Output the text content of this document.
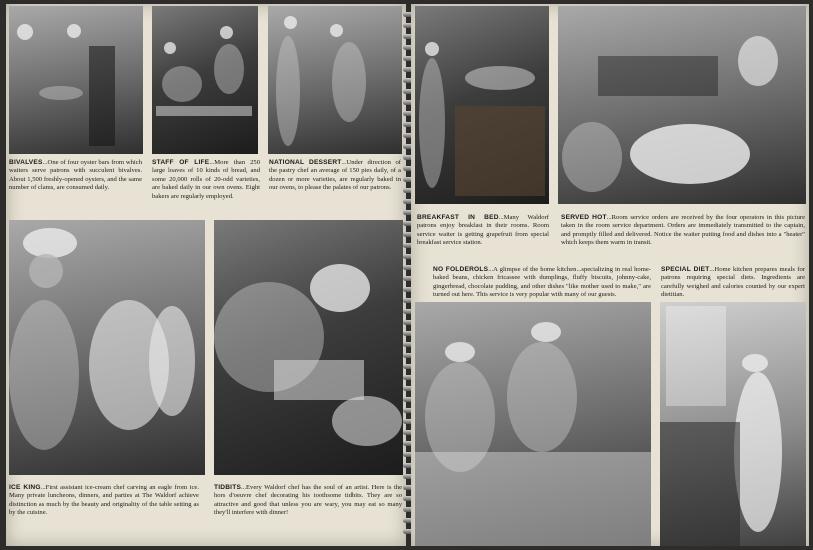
BIVALVES...One of four oyster bars from which waiters serve patrons with succulent bivalves. About 1,500 freshly-opened oysters, and the same number of clams, are consumed daily.
STAFF OF LIFE...More than 250 large loaves of 10 kinds of bread, and some 20,000 rolls of 20-odd varieties, are baked daily in our own ovens. Eight bakers are regularly employed.
NATIONAL DESSERT...Under direction of the pastry chef an average of 150 pies daily, of a dozen or more varieties, are regularly baked in our ovens, to please the palates of our patrons.
ICE KING...First assistant ice-cream chef carving an eagle from ice. Many private luncheons, dinners, and parties at The Waldorf achieve distinction as much by the beauty and originality of the table setting as by the cuisine.
TIDBITS...Every Waldorf chef has the soul of an artist. Here is the hors d'oeuvre chef decorating his toothsome tidbits. They are so attractive and good that unless you are wary, you may eat so many they'll interfere with dinner!
BREAKFAST IN BED...Many Waldorf patrons enjoy breakfast in their rooms. Room service waiter is getting grapefruit from special breakfast service station.
SERVED HOT...Room service orders are received by the four operators in this picture taken in the room service department. Orders are immediately transmitted to the captain, and promptly filled and delivered. Notice the waiter putting food and dishes into a "heater" which keeps them warm in transit.
NO FOLDEROLS...A glimpse of the home kitchen...specializing in real home-baked beans, chicken fricassee with dumplings, fluffy biscuits, johnny-cake, gingerbread, chocolate pudding, and other dishes "like mother used to make," are turned out here. This service is very popular with many of our guests.
SPECIAL DIET...Home kitchen prepares meals for patrons requiring special diets. Ingredients are carefully weighed and calories counted by our expert dietitian.
